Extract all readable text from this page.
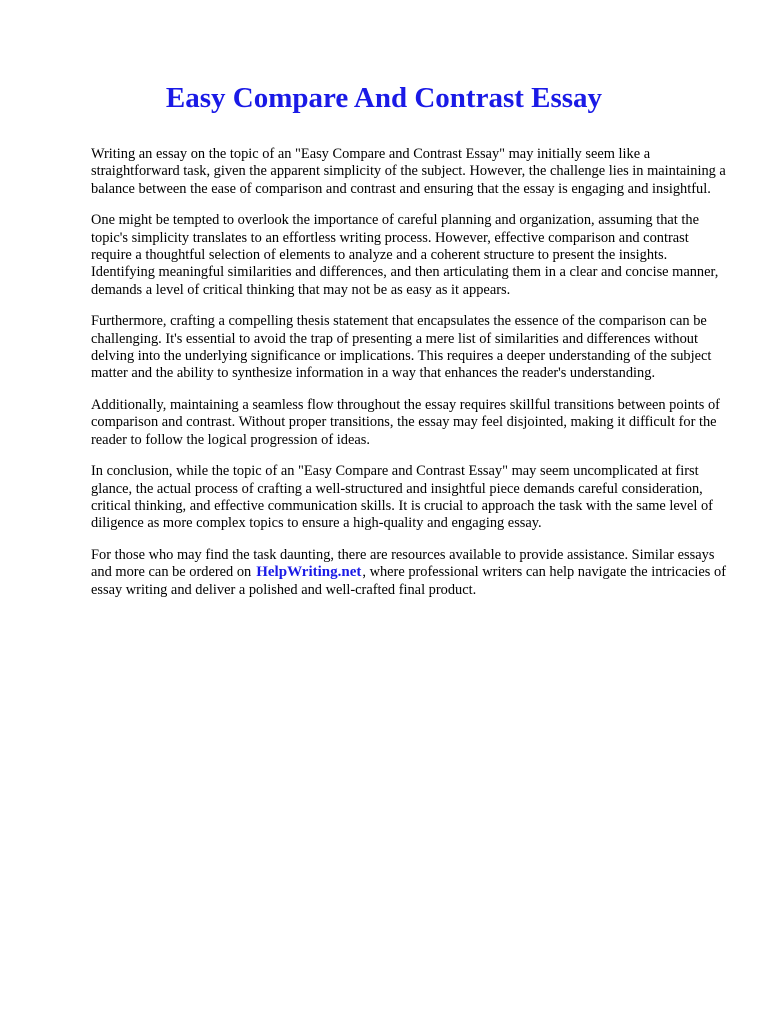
Easy Compare And Contrast Essay

Writing an essay on the topic of an "Easy Compare and Contrast Essay" may initially seem like a straightforward task, given the apparent simplicity of the subject. However, the challenge lies in maintaining a balance between the ease of comparison and contrast and ensuring that the essay is engaging and insightful.

One might be tempted to overlook the importance of careful planning and organization, assuming that the topic's simplicity translates to an effortless writing process. However, effective comparison and contrast require a thoughtful selection of elements to analyze and a coherent structure to present the insights. Identifying meaningful similarities and differences, and then articulating them in a clear and concise manner, demands a level of critical thinking that may not be as easy as it appears.

Furthermore, crafting a compelling thesis statement that encapsulates the essence of the comparison can be challenging. It's essential to avoid the trap of presenting a mere list of similarities and differences without delving into the underlying significance or implications. This requires a deeper understanding of the subject matter and the ability to synthesize information in a way that enhances the reader's understanding.

Additionally, maintaining a seamless flow throughout the essay requires skillful transitions between points of comparison and contrast. Without proper transitions, the essay may feel disjointed, making it difficult for the reader to follow the logical progression of ideas.

In conclusion, while the topic of an "Easy Compare and Contrast Essay" may seem uncomplicated at first glance, the actual process of crafting a well-structured and insightful piece demands careful consideration, critical thinking, and effective communication skills. It is crucial to approach the task with the same level of diligence as more complex topics to ensure a high-quality and engaging essay.

For those who may find the task daunting, there are resources available to provide assistance. Similar essays and more can be ordered on HelpWriting.net, where professional writers can help navigate the intricacies of essay writing and deliver a polished and well-crafted final product.
